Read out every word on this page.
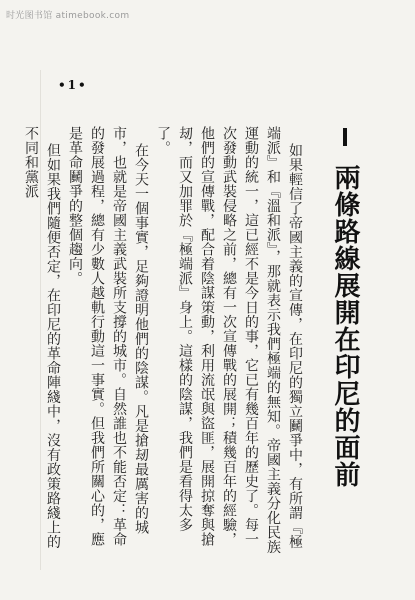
时光图书馆 atimebook.com
•1•
兩條路線展開在印尼的面前

如果輕信了帝國主義的宣傳，在印尼的獨立鬭爭中，有所謂『極端派』和『溫和派』，那就表示我們極端的無知。帝國主義分化民族運動的統一，這已經不是今日的事，它已有幾百年的歷史了。每一次發動武裝侵略之前，總有一次宣傳戰的展開；積幾百年的經驗，他們的宣傳戰，配合着陰謀策動，利用流氓與盜匪，展開掠奪與搶刼，而又加罪於『極端派』身上。這樣的陰謀，我們是看得太多了。

在今天一個事實，足夠證明他們的陰謀。凡是搶刼最厲害的城市，也就是帝國主義武裝所支撐的城市。自然誰也不能否定：革命的發展過程，總有少數人越軌行動這一事實。但我們所關心的，應是革命鬭爭的整個趨向。

但如果我們隨便否定，在印尼的革命陣綫中，沒有政策路綫上的不同和黨派
